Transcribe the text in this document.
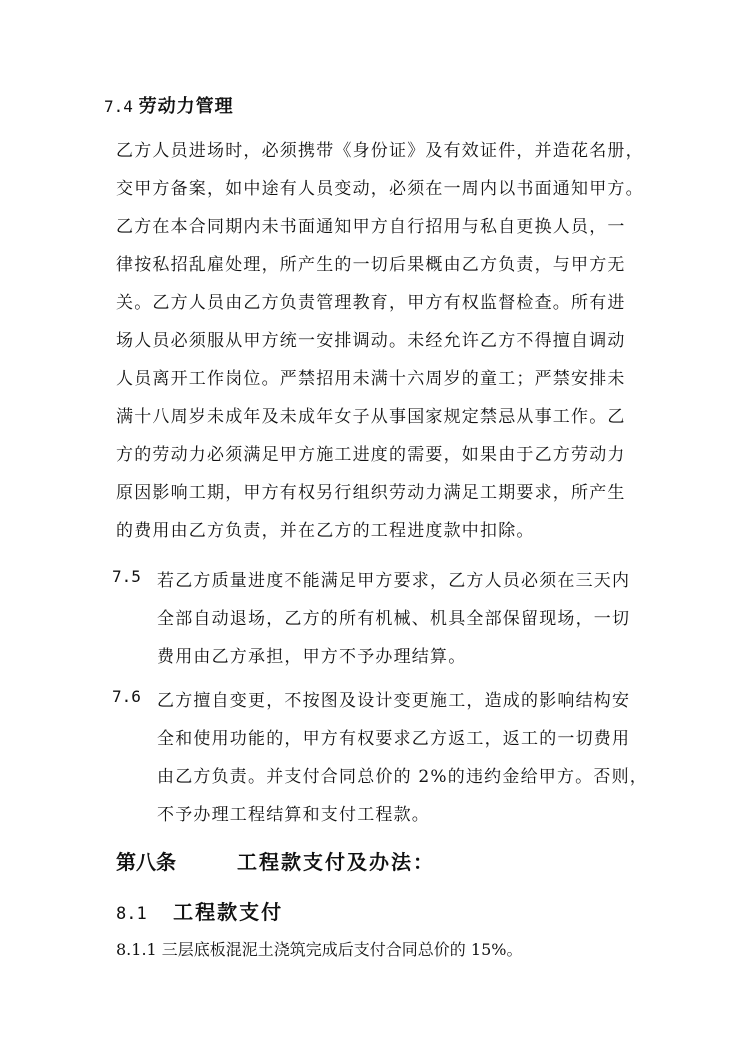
7.4 劳动力管理
乙方人员进场时，必须携带《身份证》及有效证件，并造花名册，
交甲方备案，如中途有人员变动，必须在一周内以书面通知甲方。
乙方在本合同期内未书面通知甲方自行招用与私自更换人员，一
律按私招乱雇处理，所产生的一切后果概由乙方负责，与甲方无
关。乙方人员由乙方负责管理教育，甲方有权监督检查。所有进
场人员必须服从甲方统一安排调动。未经允许乙方不得擅自调动
人员离开工作岗位。严禁招用未满十六周岁的童工；严禁安排未
满十八周岁未成年及未成年女子从事国家规定禁忌从事工作。乙
方的劳动力必须满足甲方施工进度的需要，如果由于乙方劳动力
原因影响工期，甲方有权另行组织劳动力满足工期要求，所产生
的费用由乙方负责，并在乙方的工程进度款中扣除。
7.5 若乙方质量进度不能满足甲方要求，乙方人员必须在三天内
全部自动退场，乙方的所有机械、机具全部保留现场，一切
费用由乙方承担，甲方不予办理结算。
7.6 乙方擅自变更，不按图及设计变更施工，造成的影响结构安
全和使用功能的，甲方有权要求乙方返工，返工的一切费用
由乙方负责。并支付合同总价的 2%的违约金给甲方。否则，
不予办理工程结算和支付工程款。
第八条	工程款支付及办法：
8.1 工程款支付
8.1.1 三层底板混泥土浇筑完成后支付合同总价的 15%。
